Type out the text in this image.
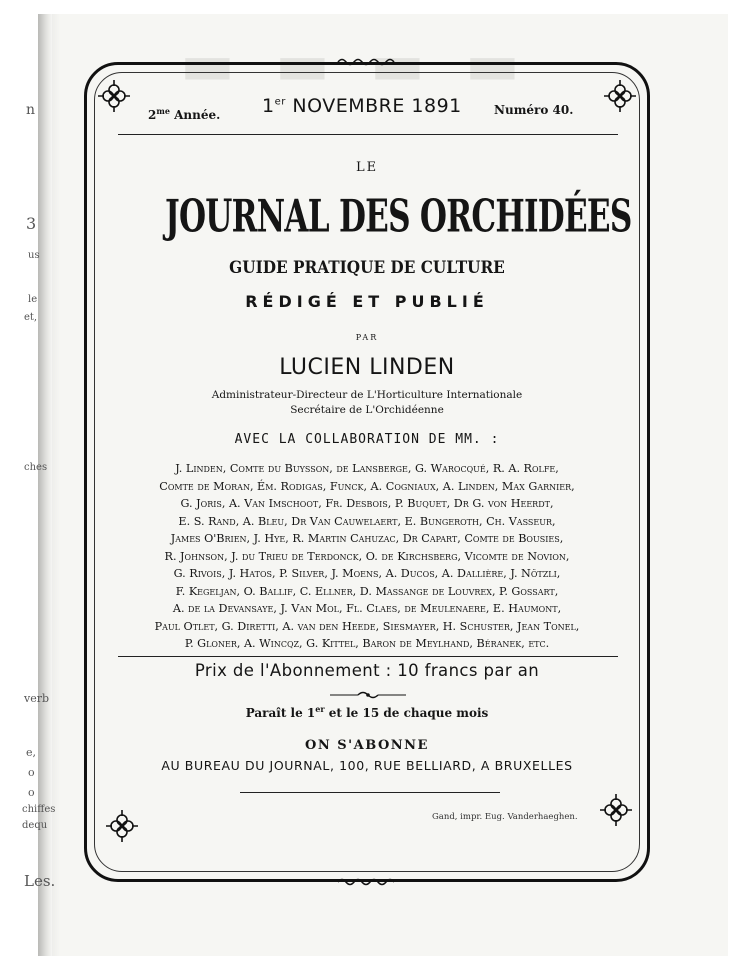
▬ ▬ ▬ ▬
n
3
us
le
et,
ches
verb
e,
o
o
chiffes
dequ
Les.
$2^{me}$ Année. 1er NOVEMBRE 1891	Numéro 40.
LE
JOURNAL DES ORCHIDÉES
GUIDE PRATIQUE DE CULTURE
RÉDIGÉ ET PUBLIÉ
PAR
LUCIEN LINDEN
Administrateur-Directeur de L'Horticulture Internationale
Secrétaire de L'Orchidéenne
AVEC LA COLLABORATION DE MM. :
J. Linden, Comte du Buysson, de Lansberge, G. Warocqué, R. A. Rolfe,
Comte de Moran, Ém. Rodigas, Funck, A. Cogniaux, A. Linden, Max Garnier,
G. Joris, A. Van Imschoot, Fr. Desbois, P. Buquet, Dr G. von Heerdt,
E. S. Rand, A. Bleu, Dr Van Cauwelaert, E. Bungeroth, Ch. Vasseur,
James O'Brien, J. Hye, R. Martin Cahuzac, Dr Capart, Comte de Bousies,
R. Johnson, J. du Trieu de Terdonck, O. de Kirchsberg, Vicomte de Novion,
G. Rivois, J. Hatos, P. Silver, J. Moens, A. Ducos, A. Dallière, J. Nötzli,
F. Kegeljan, O. Ballif, C. Ellner, D. Massange de Louvrex, P. Gossart,
A. de la Devansaye, J. Van Mol, Fl. Claes, de Meulenaere, E. Haumont,
Paul Otlet, G. Diretti, A. van den Heede, Siesmayer, H. Schuster, Jean Tonel,
P. Gloner, A. Wincqz, G. Kittel, Baron de Meylhand, Béranek, etc.
Prix de l'Abonnement : 10 francs par an
Paraît le 1er et le 15 de chaque mois
ON S'ABONNE
AU BUREAU DU JOURNAL, 100, RUE BELLIARD, A BRUXELLES
Gand, impr. Eug. Vanderhaeghen.
